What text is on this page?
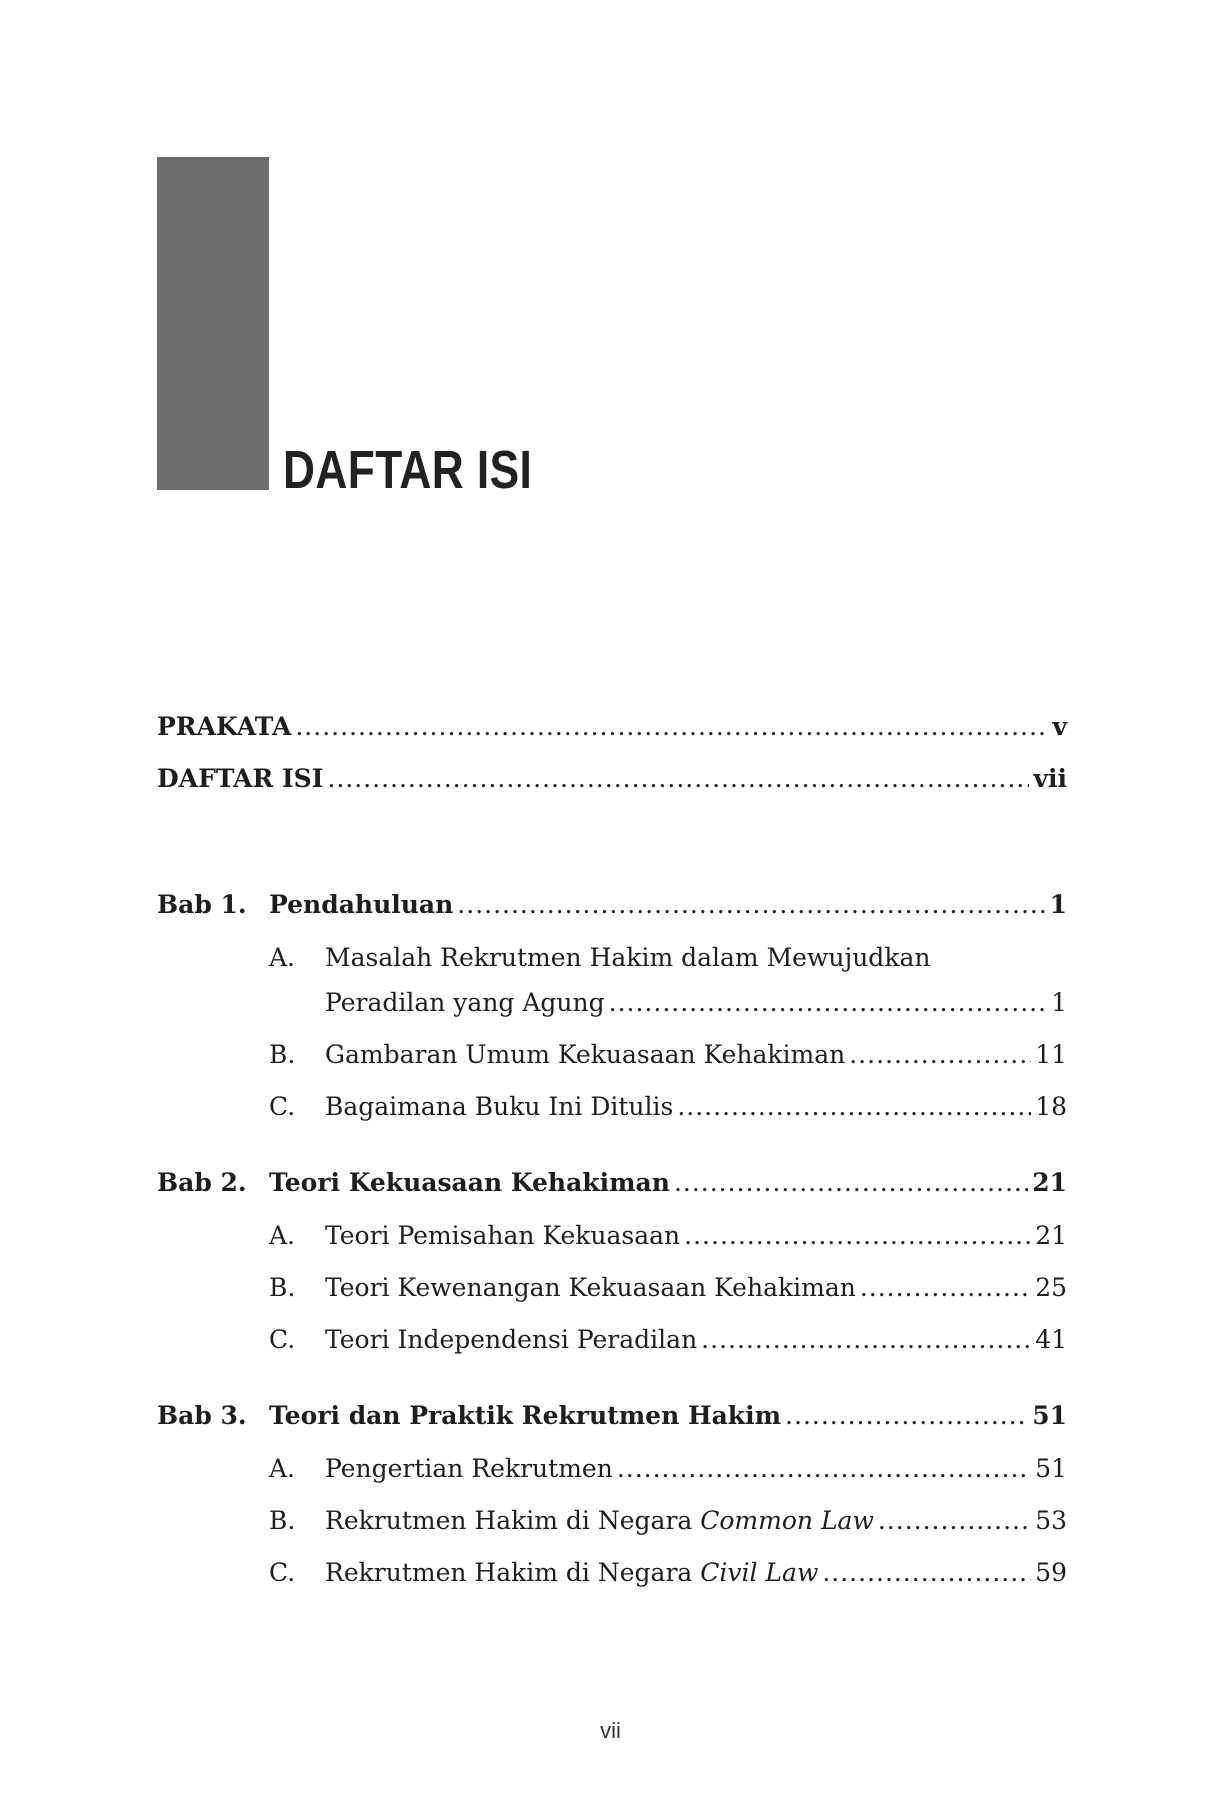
DAFTAR ISI
PRAKATA .....	v
DAFTAR ISI .....	vii
Bab 1. Pendahuluan .....	1
A. Masalah Rekrutmen Hakim dalam Mewujudkan
Peradilan yang Agung .....	1
B. Gambaran Umum Kekuasaan Kehakiman .....	11
C. Bagaimana Buku Ini Ditulis .....	18
Bab 2. Teori Kekuasaan Kehakiman .....	21
A. Teori Pemisahan Kekuasaan .....	21
B. Teori Kewenangan Kekuasaan Kehakiman .....	25
C. Teori Independensi Peradilan .....	41
Bab 3. Teori dan Praktik Rekrutmen Hakim .....	51
A. Pengertian Rekrutmen .....	51
B. Rekrutmen Hakim di Negara Common Law .....	53
C. Rekrutmen Hakim di Negara Civil Law .....	59
vii
